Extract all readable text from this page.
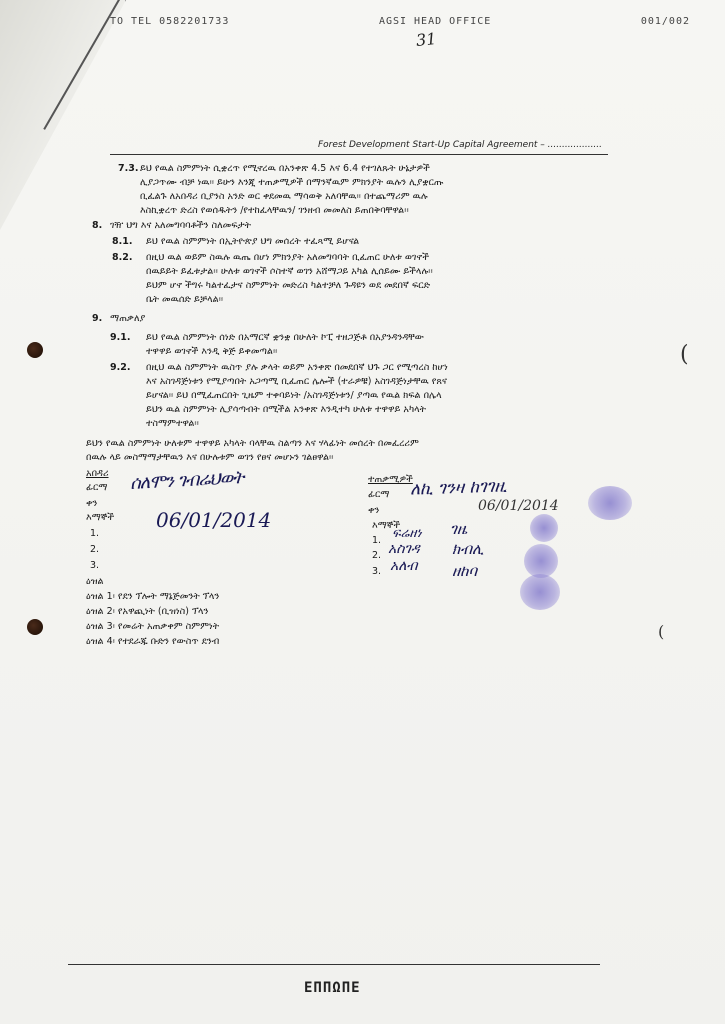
TO TEL 0582201733	AGSI HEAD OFFICE	001/002
31
Forest Development Start-Up Capital Agreement – ...................
7.3. ይህ የዉል ስምምነት ሲቋረጥ የሚኖረዉ በአንቀጽ 4.5 እና 6.4 የተገለጹት ሁኔታዎች
ሊያጋጥሙ ብቻ ነዉ፡፡ ይሁን እንጂ ተጠቃሚዎች በማንኛዉም ምክንያት ዉሉን ሊያቋርጡ
ቢፈልጉ ለአበዳሪ ቢያንስ አንድ ወር ቀደመዉ ማሳወቅ አለባቸዉ፡፡ በተጨማሪም ዉሉ
እስኪቋረጥ ድረስ የወሰዱትን /የተከፈላቸዉን/ ገንዘብ መመለስ ይጠበቅባቸዋል፡፡
8. ገዥ ህግ እና አለመግባባቶችን ስለመፍታት
8.1. ይህ የዉል ስምምነት በኢትዮጵያ ህግ መሰረት ተፈጻሚ ይሆናል
8.2. በዚህ ዉል ወይም ስዉሉ ዉጤ በሆነ ምክንያት አለመግባባት ቢፈጠር ሁለቱ ወገኖች
በዉይይት ይፈቱታል፡፡ ሁለቱ ወገኖች ሶስተኛ ወገን አሸማጋይ አካል ሊሰይሙ ይችላሉ፡፡
ይህም ሆኖ ችግሩ ካልተፈታና ስምምነት መድረስ ካልተቻለ ጉዳዩን ወደ መደበኛ ፍርድ
ቤት መዉሰድ ይቻላል፡፡
9. ማጠቃለያ
9.1. ይህ የዉል ስምምነት ሰነድ በአማርኛ ቋንቋ በሁለት ኮፒ ተዘጋጅቶ በአያንዳንዳቸው
ተዋዋይ ወገኖች እንዲ ቅጅ ይቀመጣል፡፡
9.2. በዚህ ዉል ስምምነት ዉስጥ ያሉ ቃላት ወይም አንቀጽ በመደበኛ ህጉ ጋር የሚጣረስ ከሆነ
እና አስገዳጅነቱን የሚያጣበት አጋጣሚ ቢፈጠር ሌሎች (ተራዎቹ) አስገዳጅነታቸዉ የጸና
ይሆናል፡፡ ይህ በሚፈጠርበት ጊዜም ተቀባይነት /አስገዳጅነቱን/ ያጣዉ የዉል ክፍል በሌላ
ይህን ዉል ስምምነት ሊያሳጣብት በሚችል አንቀጽ እንዲተካ ሁለቱ ተዋዋይ አካላት
ተስማምተዋል፡፡
ይህን የዉል ስምምነት ሁለቱም ተዋዋይ አካላት ባላቸዉ ስልጣን እና ሃላፊነት መሰረት በመፈረሪም
በዉሉ ላይ መስማማታቸዉን እና በሁሉቱም ወገን የፀና መሆኑን ገልፀዋል፡፡
አበዳሪ
ፊርማ ሰለሞን ገብሬህወት
ቀን
06/01/2014
እማኞች
1.
2.
3.
ተጠቃሚዎች
ፊርማ ለኪ ገንዛ ከገገዚ
ቀን	06/01/2014
እማኞች
1. ፍሬዘነ ገዜ
2. አስገዳ ክብሊ
3. አለብ ዘከባ
ዕዝል
ዕዝል 1፡ የደን ፕሎት ማኔጅመንት ፕላን
ዕዝል 2፡ የአዋጪነት (ቢዝነስ) ፕላን
ዕዝል 3፡ የመሬት አጠቃቀም ስምምነት
ዕዝል 4፡ የተደራጁ ቡድን የውስጥ ደንብ
(
(
ΕΠΠΩΠΕ
